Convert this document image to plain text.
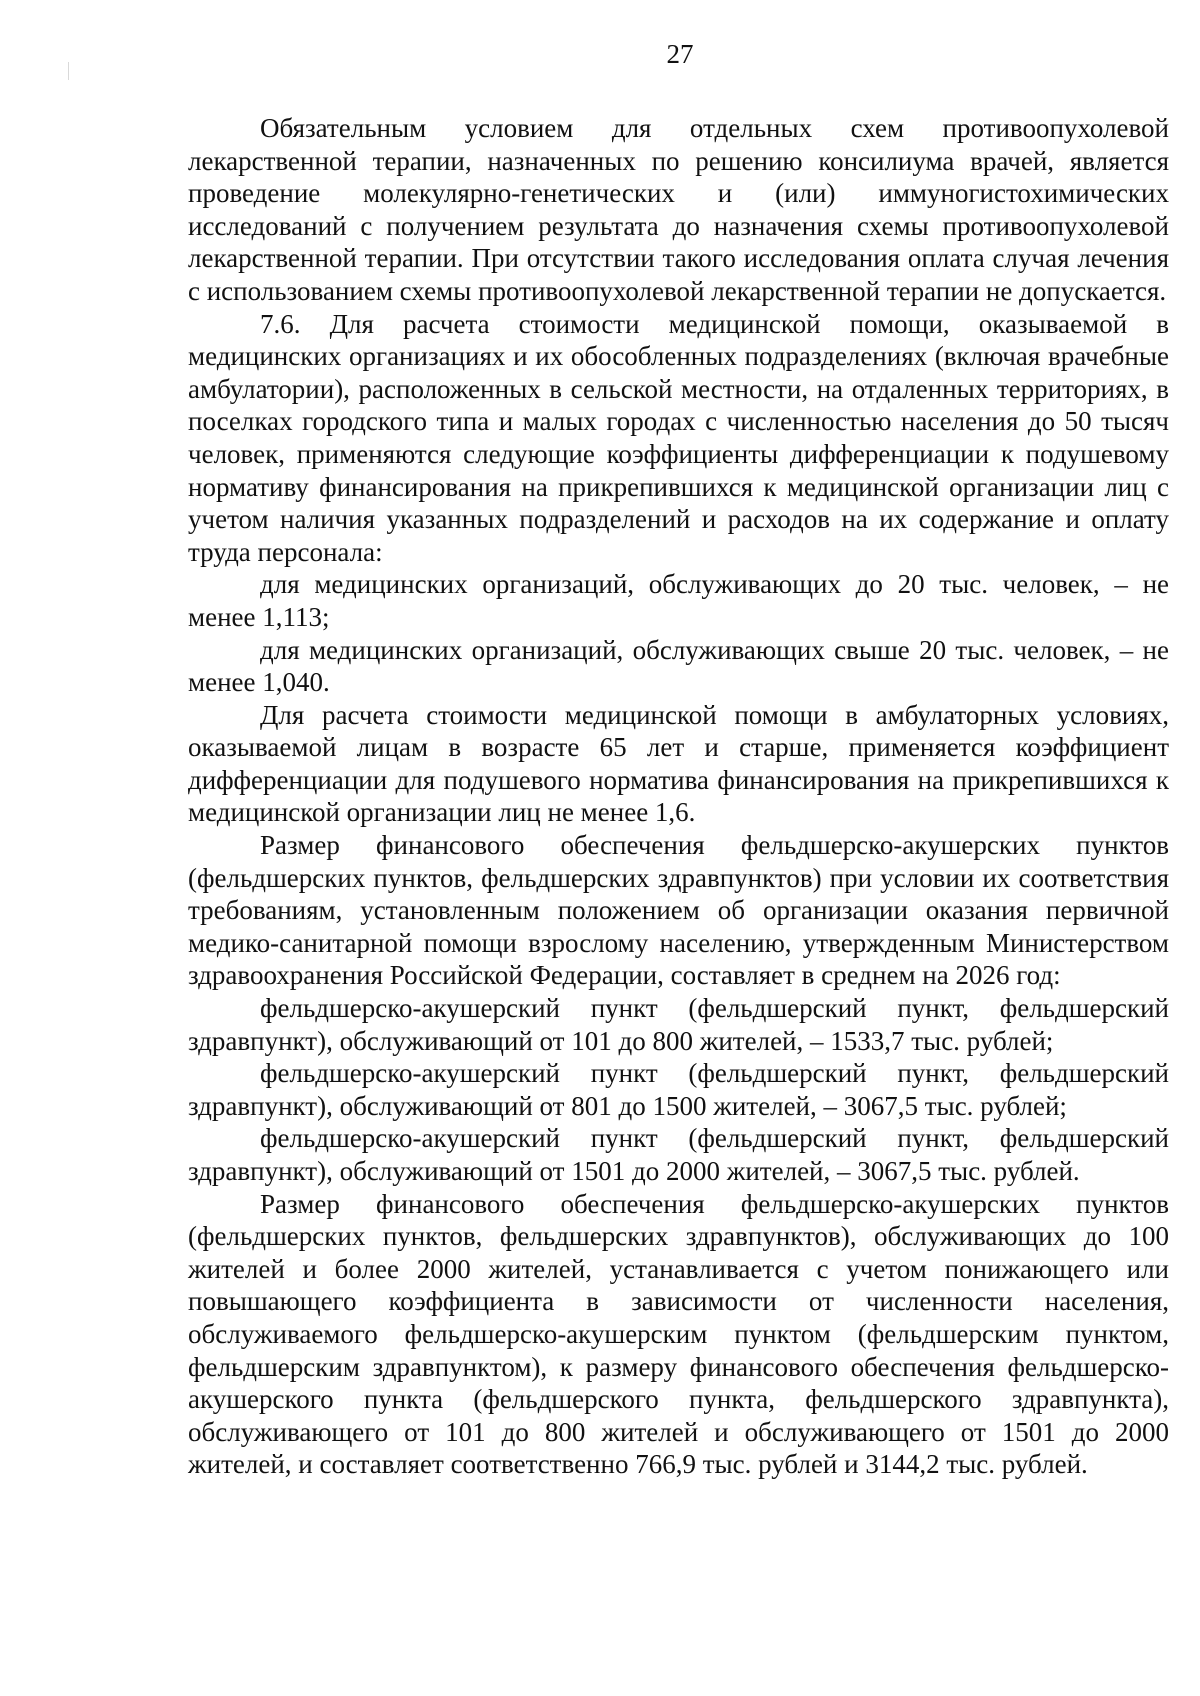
27

Обязательным условием для отдельных схем противоопухолевой лекарственной терапии, назначенных по решению консилиума врачей, является проведение молекулярно-генетических и (или) иммуногистохимических исследований с получением результата до назначения схемы противоопухолевой лекарственной терапии. При отсутствии такого исследования оплата случая лечения с использованием схемы противоопухолевой лекарственной терапии не допускается.

7.6. Для расчета стоимости медицинской помощи, оказываемой в медицинских организациях и их обособленных подразделениях (включая врачебные амбулатории), расположенных в сельской местности, на отдаленных территориях, в поселках городского типа и малых городах с численностью населения до 50 тысяч человек, применяются следующие коэффициенты дифференциации к подушевому нормативу финансирования на прикрепившихся к медицинской организации лиц с учетом наличия указанных подразделений и расходов на их содержание и оплату труда персонала:

для медицинских организаций, обслуживающих до 20 тыс. человек, – не менее 1,113;

для медицинских организаций, обслуживающих свыше 20 тыс. человек, – не менее 1,040.

Для расчета стоимости медицинской помощи в амбулаторных условиях, оказываемой лицам в возрасте 65 лет и старше, применяется коэффициент дифференциации для подушевого норматива финансирования на прикрепившихся к медицинской организации лиц не менее 1,6.

Размер финансового обеспечения фельдшерско-акушерских пунктов (фельдшерских пунктов, фельдшерских здравпунктов) при условии их соответствия требованиям, установленным положением об организации оказания первичной медико-санитарной помощи взрослому населению, утвержденным Министерством здравоохранения Российской Федерации, составляет в среднем на 2026 год:

фельдшерско-акушерский пункт (фельдшерский пункт, фельдшерский здравпункт), обслуживающий от 101 до 800 жителей, – 1533,7 тыс. рублей;

фельдшерско-акушерский пункт (фельдшерский пункт, фельдшерский здравпункт), обслуживающий от 801 до 1500 жителей, – 3067,5 тыс. рублей;

фельдшерско-акушерский пункт (фельдшерский пункт, фельдшерский здравпункт), обслуживающий от 1501 до 2000 жителей, – 3067,5 тыс. рублей.

Размер финансового обеспечения фельдшерско-акушерских пунктов (фельдшерских пунктов, фельдшерских здравпунктов), обслуживающих до 100 жителей и более 2000 жителей, устанавливается с учетом понижающего или повышающего коэффициента в зависимости от численности населения, обслуживаемого фельдшерско-акушерским пунктом (фельдшерским пунктом, фельдшерским здравпунктом), к размеру финансового обеспечения фельдшерско-акушерского пункта (фельдшерского пункта, фельдшерского здравпункта), обслуживающего от 101 до 800 жителей и обслуживающего от 1501 до 2000 жителей, и составляет соответственно 766,9 тыс. рублей и 3144,2 тыс. рублей.
